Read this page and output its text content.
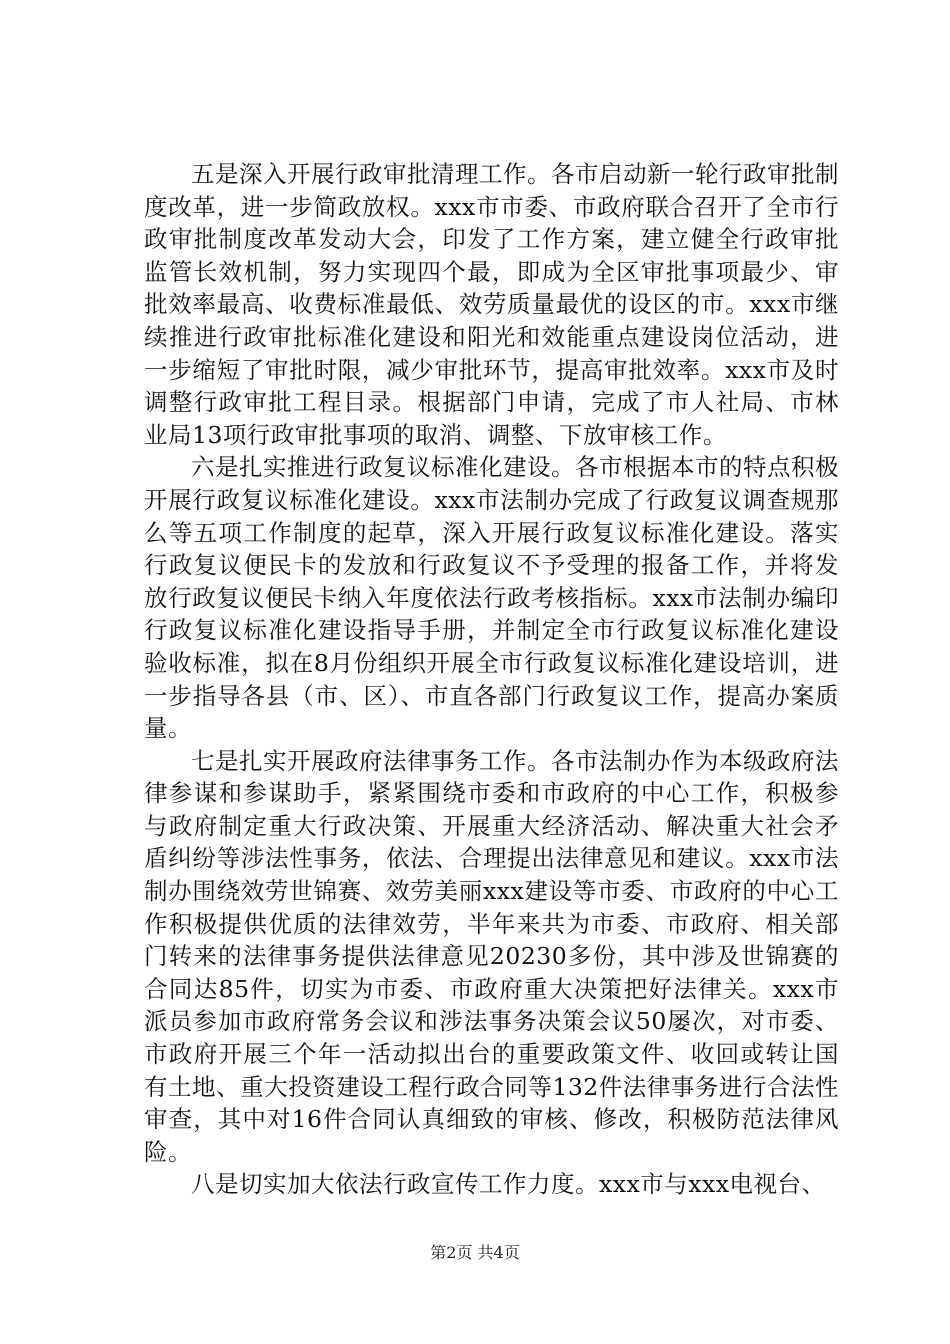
五是深入开展行政审批清理工作。各市启动新一轮行政审批制度改革，进一步简政放权。xxx市市委、市政府联合召开了全市行政审批制度改革发动大会，印发了工作方案，建立健全行政审批监管长效机制，努力实现四个最，即成为全区审批事项最少、审批效率最高、收费标准最低、效劳质量最优的设区的市。xxx市继续推进行政审批标准化建设和阳光和效能重点建设岗位活动，进一步缩短了审批时限，减少审批环节，提高审批效率。xxx市及时调整行政审批工程目录。根据部门申请，完成了市人社局、市林业局13项行政审批事项的取消、调整、下放审核工作。

六是扎实推进行政复议标准化建设。各市根据本市的特点积极开展行政复议标准化建设。xxx市法制办完成了行政复议调查规那么等五项工作制度的起草，深入开展行政复议标准化建设。落实行政复议便民卡的发放和行政复议不予受理的报备工作，并将发放行政复议便民卡纳入年度依法行政考核指标。xxx市法制办编印行政复议标准化建设指导手册，并制定全市行政复议标准化建设验收标准，拟在8月份组织开展全市行政复议标准化建设培训，进一步指导各县（市、区）、市直各部门行政复议工作，提高办案质量。

七是扎实开展政府法律事务工作。各市法制办作为本级政府法律参谋和参谋助手，紧紧围绕市委和市政府的中心工作，积极参与政府制定重大行政决策、开展重大经济活动、解决重大社会矛盾纠纷等涉法性事务，依法、合理提出法律意见和建议。xxx市法制办围绕效劳世锦赛、效劳美丽xxx建设等市委、市政府的中心工作积极提供优质的法律效劳，半年来共为市委、市政府、相关部门转来的法律事务提供法律意见20230多份，其中涉及世锦赛的合同达85件，切实为市委、市政府重大决策把好法律关。xxx市派员参加市政府常务会议和涉法事务决策会议50屡次，对市委、市政府开展三个年一活动拟出台的重要政策文件、收回或转让国有土地、重大投资建设工程行政合同等132件法律事务进行合法性审查，其中对16件合同认真细致的审核、修改，积极防范法律风险。

八是切实加大依法行政宣传工作力度。xxx市与xxx电视台、

第2页 共4页
